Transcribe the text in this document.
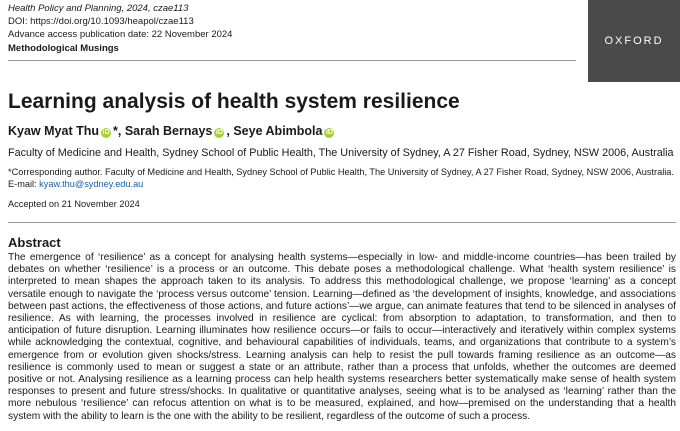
Health Policy and Planning, 2024, czae113
DOI: https://doi.org/10.1093/heapol/czae113
Advance access publication date: 22 November 2024
Methodological Musings
OXFORD
Learning analysis of health system resilience
Kyaw Myat Thu iD *, Sarah Bernays iD , Seye Abimbola iD
Faculty of Medicine and Health, Sydney School of Public Health, The University of Sydney, A 27 Fisher Road, Sydney, NSW 2006, Australia
*Corresponding author. Faculty of Medicine and Health, Sydney School of Public Health, The University of Sydney, A 27 Fisher Road, Sydney, NSW 2006, Australia. E-mail: kyaw.thu@sydney.edu.au
Accepted on 21 November 2024
Abstract

The emergence of ‘resilience’ as a concept for analysing health systems—especially in low- and middle-income countries—has been trailed by debates on whether ‘resilience’ is a process or an outcome. This debate poses a methodological challenge. What ‘health system resilience’ is interpreted to mean shapes the approach taken to its analysis. To address this methodological challenge, we propose ‘learning’ as a concept versatile enough to navigate the ‘process versus outcome’ tension. Learning—defined as ‘the development of insights, knowledge, and associations between past actions, the effectiveness of those actions, and future actions’—we argue, can animate features that tend to be silenced in analyses of resilience. As with learning, the processes involved in resilience are cyclical: from absorption to adaptation, to transformation, and then to anticipation of future disruption. Learning illuminates how resilience occurs—or fails to occur—interactively and iteratively within complex systems while acknowledging the contextual, cognitive, and behavioural capabilities of individuals, teams, and organizations that contribute to a system’s emergence from or evolution given shocks/stress. Learning analysis can help to resist the pull towards framing resilience as an outcome—as resilience is commonly used to mean or suggest a state or an attribute, rather than a process that unfolds, whether the outcomes are deemed positive or not. Analysing resilience as a learning process can help health systems researchers better systematically make sense of health system responses to present and future stress/shocks. In qualitative or quantitative analyses, seeing what is to be analysed as ‘learning’ rather than the more nebulous ‘resilience’ can refocus attention on what is to be measured, explained, and how—premised on the understanding that a health system with the ability to learn is the one with the ability to be resilient, regardless of the outcome of such a process.
